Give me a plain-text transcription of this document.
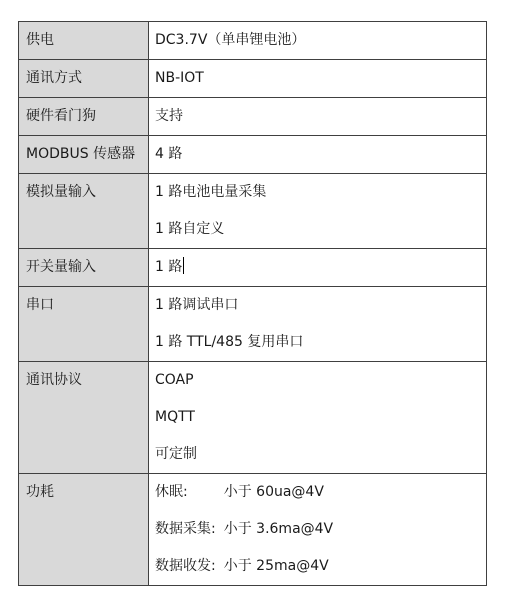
供电	DC3.7V（单串锂电池）

通讯方式	NB-IOT

硬件看门狗	支持

MODBUS 传感器	4 路

模拟量输入	1 路电池电量采集
1 路自定义

开关量输入	1 路

串口	1 路调试串口
1 路 TTL/485 复用串口

通讯协议	COAP
MQTT
可定制

功耗	休眠: 小于 60ua@4V
数据采集: 小于 3.6ma@4V
数据收发: 小于 25ma@4V
